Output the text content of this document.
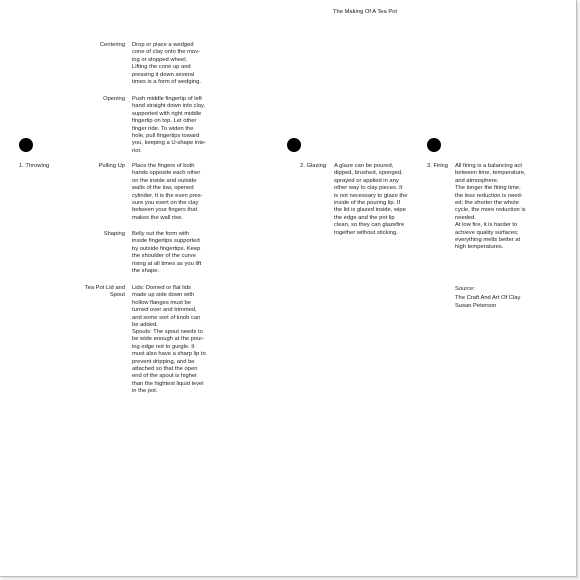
The Making Of A Tea Pot
1. Throwing
Centering Drop or place a wedged
cone of clay onto the mov-
ing or stopped wheel.
Lifting the cone up and
pressing it down several
times is a form of wedging.
Opening Push middle fingertip of left
hand straight down into clay,
supported with right middle
fingertip on top. Let other
finger ride. To widen the
hole, pull fingertips toward
you, keeping a U-shape inte-
rior.
Pulling Up Place the fingers of both
hands opposite each other
on the inside and outside
walls of the low, opened
cylinder. It is the even pres-
sure you exert on the clay
between your fingers that
makes the wall rise.
Shaping Belly out the form with
inside fingertips supported
by outside fingertips. Keep
the shoulder of the curve
rising at all times as you lift
the shape.
Tea Pot Lid and
Spout
Lids: Domed or flat lids
made up side down with
hollow flanges must be
turned over and trimmed,
and some sort of knob can
be added.
Spouts: The spout needs to
be wide enough at the pour-
ing edge not to gurgle. It
must also have a sharp lip to
prevent dripping, and be
attached so that the open
end of the spout is higher
than the hightest liquid level
in the pot.
2. Glazing A glaze can be poured,
dipped, brushed, sponged,
sprayed or applied in any
other way to clay pieces. It
is not necessary to glaze the
inside of the pouring lip. If
the lid is glazed inside, wipe
the edge and the pot lip
clean, so they can glazefire
together without sticking.
3. Firing All firing is a balancing act
between time, temperature,
and atmosphere.
The longer the firing time,
the less reduction is need-
ed; the shorter the whole
cycle, the more reduction is
needed.
At low fire, it is harder to
achieve quality surfaces;
everything melts better at
high temperatures.
Source:
The Craft And Art Of Clay
Susan Peterson
